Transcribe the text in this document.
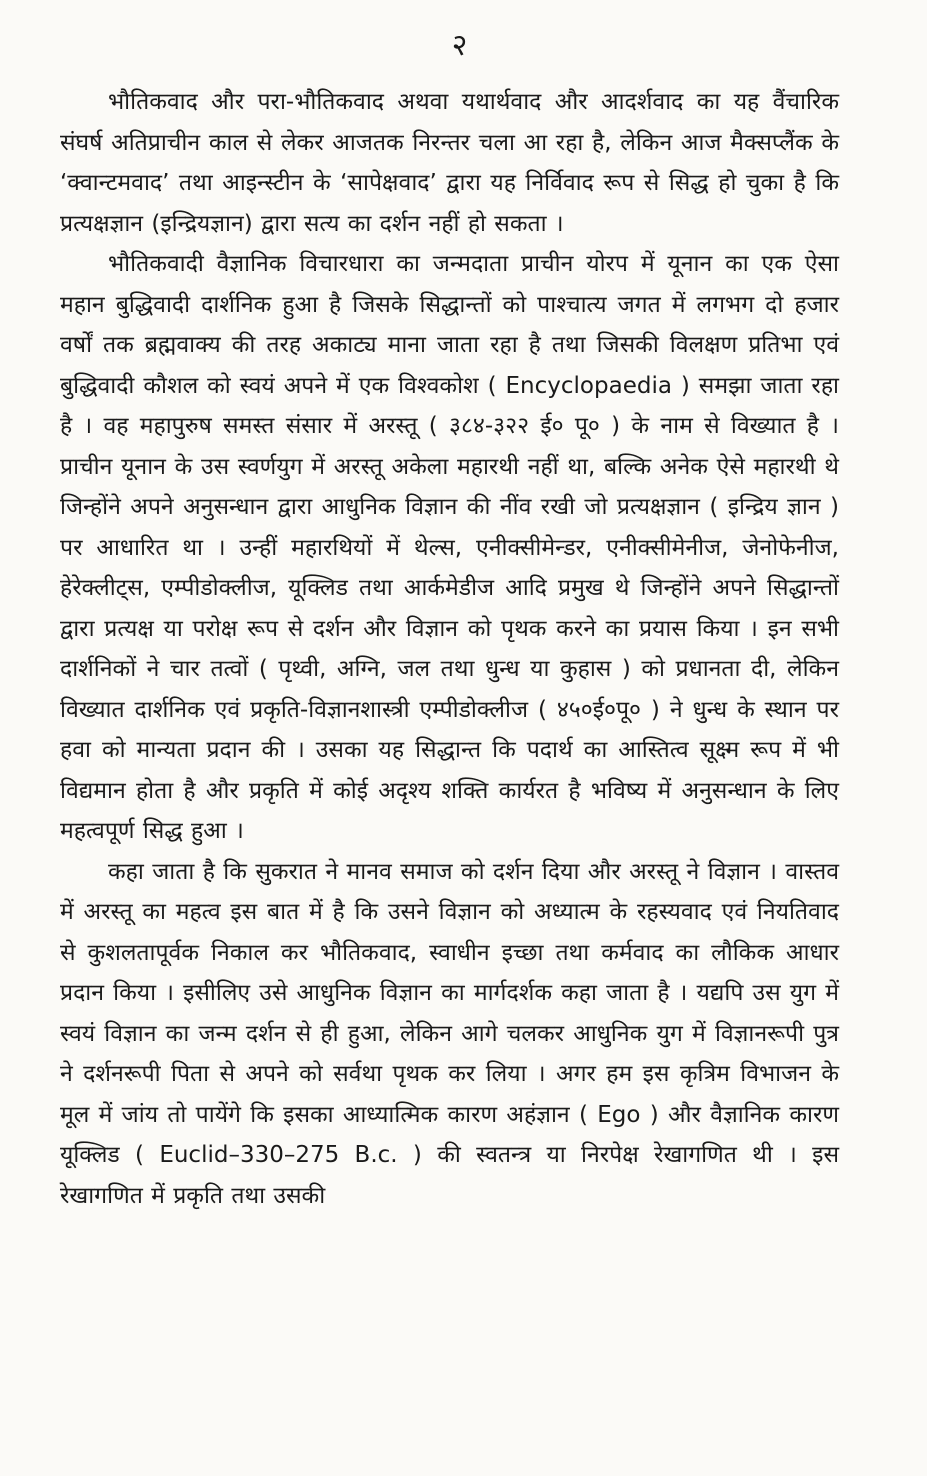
२

भौतिकवाद और परा-भौतिकवाद अथवा यथार्थवाद और आदर्शवाद का यह वैंचारिक संघर्ष अतिप्राचीन काल से लेकर आजतक निरन्तर चला आ रहा है, लेकिन आज मैक्सप्लैंक के ‘क्वान्टमवाद’ तथा आइन्स्टीन के ‘सापेक्षवाद’ द्वारा यह निर्विवाद रूप से सिद्ध हो चुका है कि प्रत्यक्षज्ञान (इन्द्रियज्ञान) द्वारा सत्य का दर्शन नहीं हो सकता ।

भौतिकवादी वैज्ञानिक विचारधारा का जन्मदाता प्राचीन योरप में यूनान का एक ऐसा महान बुद्धिवादी दार्शनिक हुआ है जिसके सिद्धान्तों को पाश्चात्य जगत में लगभग दो हजार वर्षों तक ब्रह्मवाक्य की तरह अकाट्य माना जाता रहा है तथा जिसकी विलक्षण प्रतिभा एवं बुद्धिवादी कौशल को स्वयं अपने में एक विश्वकोश ( Encyclopaedia ) समझा जाता रहा है । वह महापुरुष समस्त संसार में अरस्तू ( ३८४-३२२ ई० पू० ) के नाम से विख्यात है । प्राचीन यूनान के उस स्वर्णयुग में अरस्तू अकेला महारथी नहीं था, बल्कि अनेक ऐसे महारथी थे जिन्होंने अपने अनुसन्धान द्वारा आधुनिक विज्ञान की नींव रखी जो प्रत्यक्षज्ञान ( इन्द्रिय ज्ञान ) पर आधारित था । उन्हीं महारथियों में थेल्स, एनीक्सीमेन्डर, एनीक्सीमेनीज, जेनोफेनीज, हेरेक्लीट्स, एम्पीडोक्लीज, यूक्लिड तथा आर्कमेडीज आदि प्रमुख थे जिन्होंने अपने सिद्धान्तों द्वारा प्रत्यक्ष या परोक्ष रूप से दर्शन और विज्ञान को पृथक करने का प्रयास किया । इन सभी दार्शनिकों ने चार तत्वों ( पृथ्वी, अग्नि, जल तथा धुन्ध या कुहास ) को प्रधानता दी, लेकिन विख्यात दार्शनिक एवं प्रकृति-विज्ञानशास्त्री एम्पीडोक्लीज ( ४५०ई०पू० ) ने धुन्ध के स्थान पर हवा को मान्यता प्रदान की । उसका यह सिद्धान्त कि पदार्थ का आस्तित्व सूक्ष्म रूप में भी विद्यमान होता है और प्रकृति में कोई अदृश्य शक्ति कार्यरत है भविष्य में अनुसन्धान के लिए महत्वपूर्ण सिद्ध हुआ ।

कहा जाता है कि सुकरात ने मानव समाज को दर्शन दिया और अरस्तू ने विज्ञान । वास्तव में अरस्तू का महत्व इस बात में है कि उसने विज्ञान को अध्यात्म के रहस्यवाद एवं नियतिवाद से कुशलतापूर्वक निकाल कर भौतिकवाद, स्वाधीन इच्छा तथा कर्मवाद का लौकिक आधार प्रदान किया । इसीलिए उसे आधुनिक विज्ञान का मार्गदर्शक कहा जाता है । यद्यपि उस युग में स्वयं विज्ञान का जन्म दर्शन से ही हुआ, लेकिन आगे चलकर आधुनिक युग में विज्ञानरूपी पुत्र ने दर्शनरूपी पिता से अपने को सर्वथा पृथक कर लिया । अगर हम इस कृत्रिम विभाजन के मूल में जांय तो पायेंगे कि इसका आध्यात्मिक कारण अहंज्ञान ( Ego ) और वैज्ञानिक कारण यूक्लिड ( Euclid–330–275 B.c. ) की स्वतन्त्र या निरपेक्ष रेखागणित थी । इस रेखागणित में प्रकृति तथा उसकी
